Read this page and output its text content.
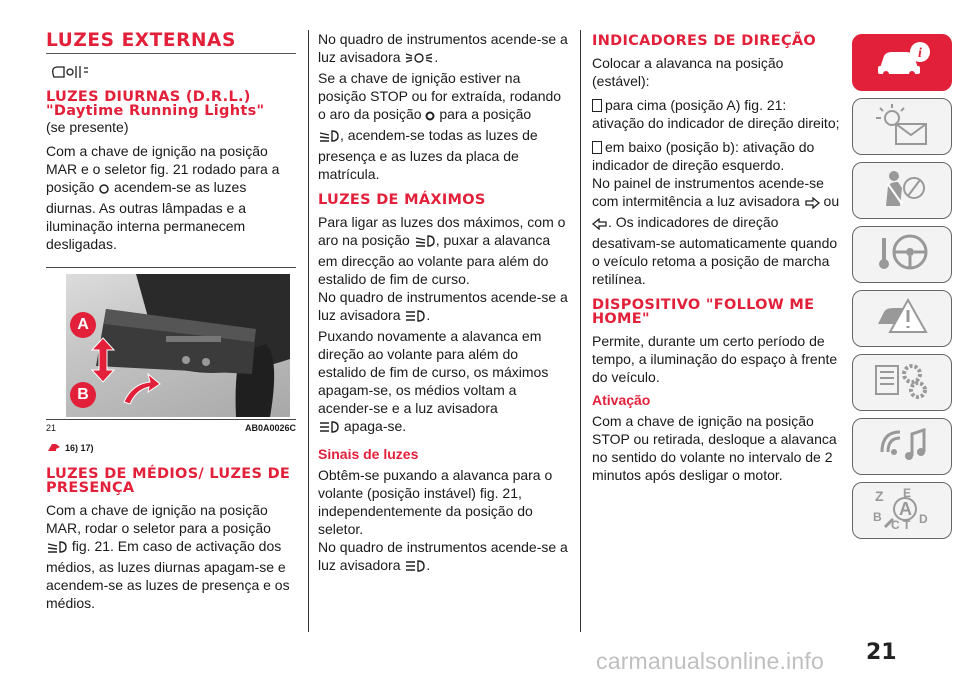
LUZES EXTERNAS
LUZES DIURNAS (D.R.L.) "Daytime Running Lights"

(se presente)

Com a chave de ignição na posição MAR e o seletor fig. 21 rodado para a posição acendem-se as luzes diurnas. As outras lâmpadas e a iluminação interna permanecem desligadas.

A
B
21	AB0A0026C
16) 17)
LUZES DE MÉDIOS/ LUZES DE PRESENÇA

Com a chave de ignição na posição MAR, rodar o seletor para a posição
fig. 21. Em caso de activação dos médios, as luzes diurnas apagam-se e acendem-se as luzes de presença e os médios.

No quadro de instrumentos acende-se a luz avisadora .

Se a chave de ignição estiver na posição STOP ou for extraída, rodando o aro da posição para a posição
, acendem-se todas as luzes de presença e as luzes da placa de matrícula.

LUZES DE MÁXIMOS

Para ligar as luzes dos máximos, com o aro na posição , puxar a alavanca em direcção ao volante para além do estalido de fim de curso.

No quadro de instrumentos acende-se a luz avisadora .

Puxando novamente a alavanca em direção ao volante para além do estalido de fim de curso, os máximos apagam-se, os médios voltam a acender-se e a luz avisadora
apaga-se.

Sinais de luzes

Obtêm-se puxando a alavanca para o volante (posição instável) fig. 21, independentemente da posição do seletor.

No quadro de instrumentos acende-se a luz avisadora .

INDICADORES DE DIREÇÃO

Colocar a alavanca na posição (estável):

para cima (posição A) fig. 21: ativação do indicador de direção direito;

em baixo (posição b): ativação do indicador de direção esquerdo.

No painel de instrumentos acende-se com intermitência a luz avisadora ou
. Os indicadores de direção desativam-se automaticamente quando o veículo retoma a posição de marcha retilínea.

DISPOSITIVO "FOLLOW ME HOME"

Permite, durante um certo período de tempo, a iluminação do espaço à frente do veículo.

Ativação

Com a chave de ignição na posição STOP ou retirada, desloque a alavanca no sentido do volante no intervalo de 2 minutos após desligar o motor.

i
Z E
B
C T D
A
21
carmanualsonline.info
